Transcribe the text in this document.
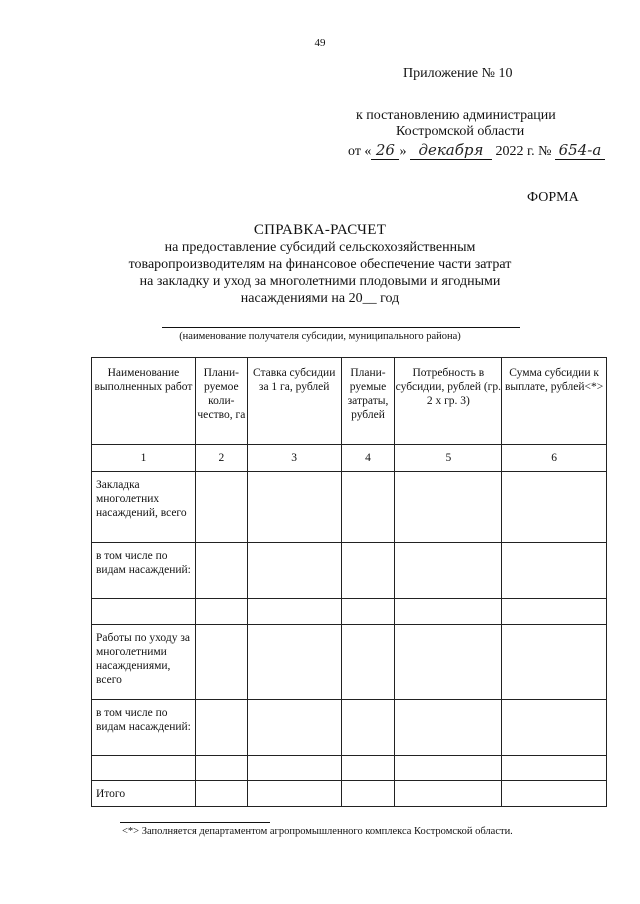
49
Приложение № 10
к постановлению администрации
Костромской области
от « 26 » декабря 2022 г. № 654-а
ФОРМА
СПРАВКА-РАСЧЕТ
на предоставление субсидий сельскохозяйственным
товаропроизводителям на финансовое обеспечение части затрат
на закладку и уход за многолетними плодовыми и ягодными
насаждениями на 20__ год
(наименование получателя субсидии, муниципального района)
Наименование выполненных работ	Плани-руемое коли-чество, га	Ставка субсидии за 1 га, рублей	Плани-руемые затраты, рублей	Потребность в субсидии, рублей (гр. 2 x гр. 3)	Сумма субсидии к выплате, рублей<*>
1	2	3	4	5	6
Закладка многолетних насаждений, всего					
в том числе по видам насаждений:					

Работы по уходу за многолетними насаждениями, всего					
в том числе по видам насаждений:					

Итого					
<*> Заполняется департаментом агропромышленного комплекса Костромской области.
